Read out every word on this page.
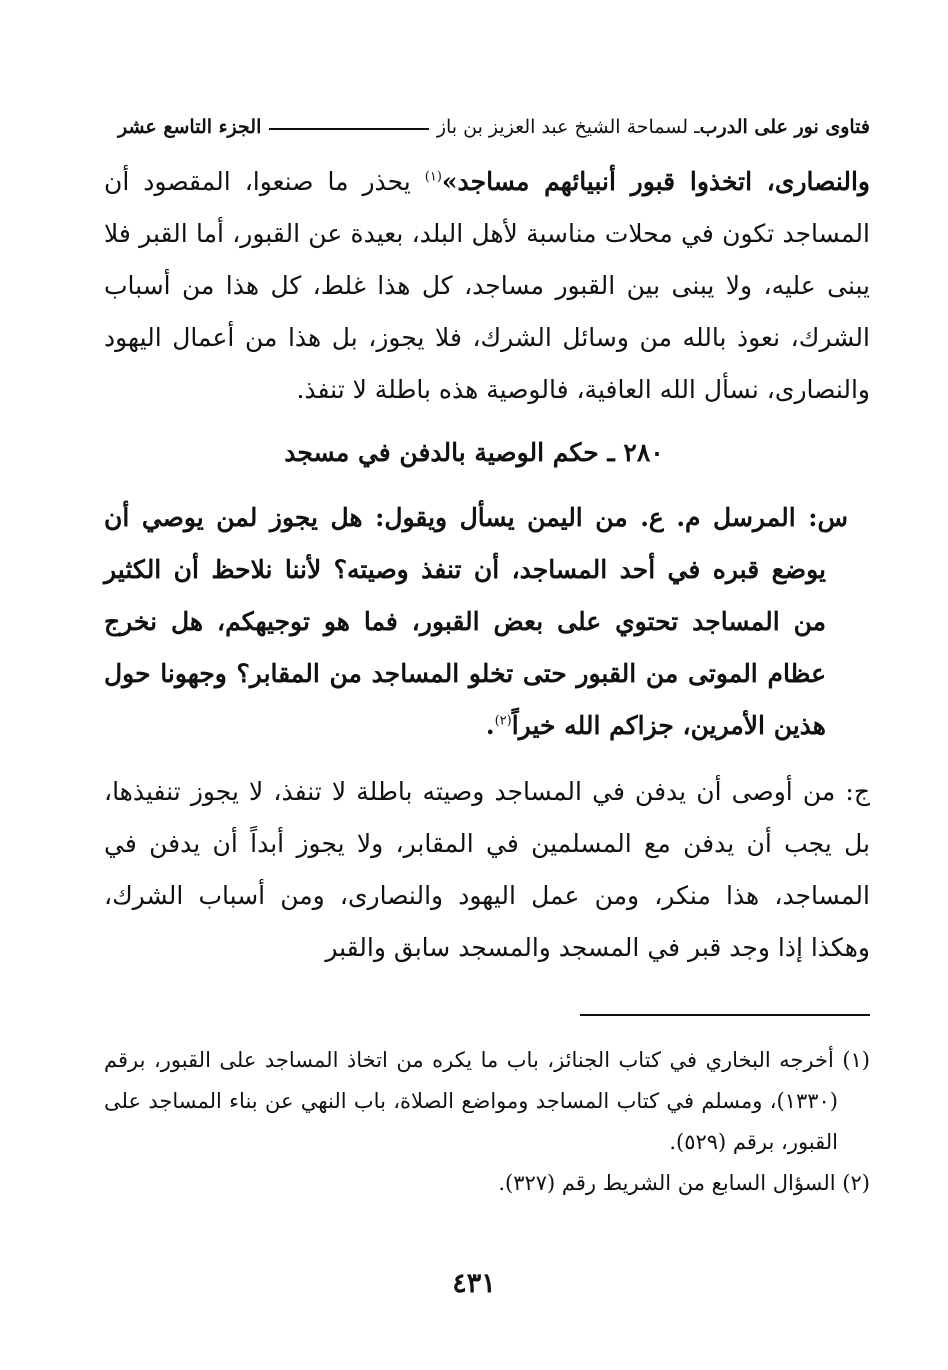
فتاوى نور على الدرب
ـ لسماحة الشيخ عبد العزيز بن باز
الجزء التاسع عشر
والنصارى، اتخذوا قبور أنبيائهم مساجد»$^{(١)}$ يحذر ما صنعوا، المقصود أن المساجد تكون في محلات مناسبة لأهل البلد، بعيدة عن القبور، أما القبر فلا يبنى عليه، ولا يبنى بين القبور مساجد، كل هذا غلط، كل هذا من أسباب الشرك، نعوذ بالله من وسائل الشرك، فلا يجوز، بل هذا من أعمال اليهود والنصارى، نسأل الله العافية، فالوصية هذه باطلة لا تنفذ.
٢٨٠ ـ حكم الوصية بالدفن في مسجد
س: المرسل م. ع. من اليمن يسأل ويقول: هل يجوز لمن يوصي أن يوضع قبره في أحد المساجد، أن تنفذ وصيته؟ لأننا نلاحظ أن الكثير من المساجد تحتوي على بعض القبور، فما هو توجيهكم، هل نخرج عظام الموتى من القبور حتى تخلو المساجد من المقابر؟ وجهونا حول هذين الأمرين، جزاكم الله خيراً$^{(٢)}$.
ج: من أوصى أن يدفن في المساجد وصيته باطلة لا تنفذ، لا يجوز تنفيذها، بل يجب أن يدفن مع المسلمين في المقابر، ولا يجوز أبداً أن يدفن في المساجد، هذا منكر، ومن عمل اليهود والنصارى، ومن أسباب الشرك، وهكذا إذا وجد قبر في المسجد والمسجد سابق والقبر
(١) أخرجه البخاري في كتاب الجنائز، باب ما يكره من اتخاذ المساجد على القبور، برقم (١٣٣٠)، ومسلم في كتاب المساجد ومواضع الصلاة، باب النهي عن بناء المساجد على القبور، برقم (٥٢٩).
(٢) السؤال السابع من الشريط رقم (٣٢٧).
٤٣١
